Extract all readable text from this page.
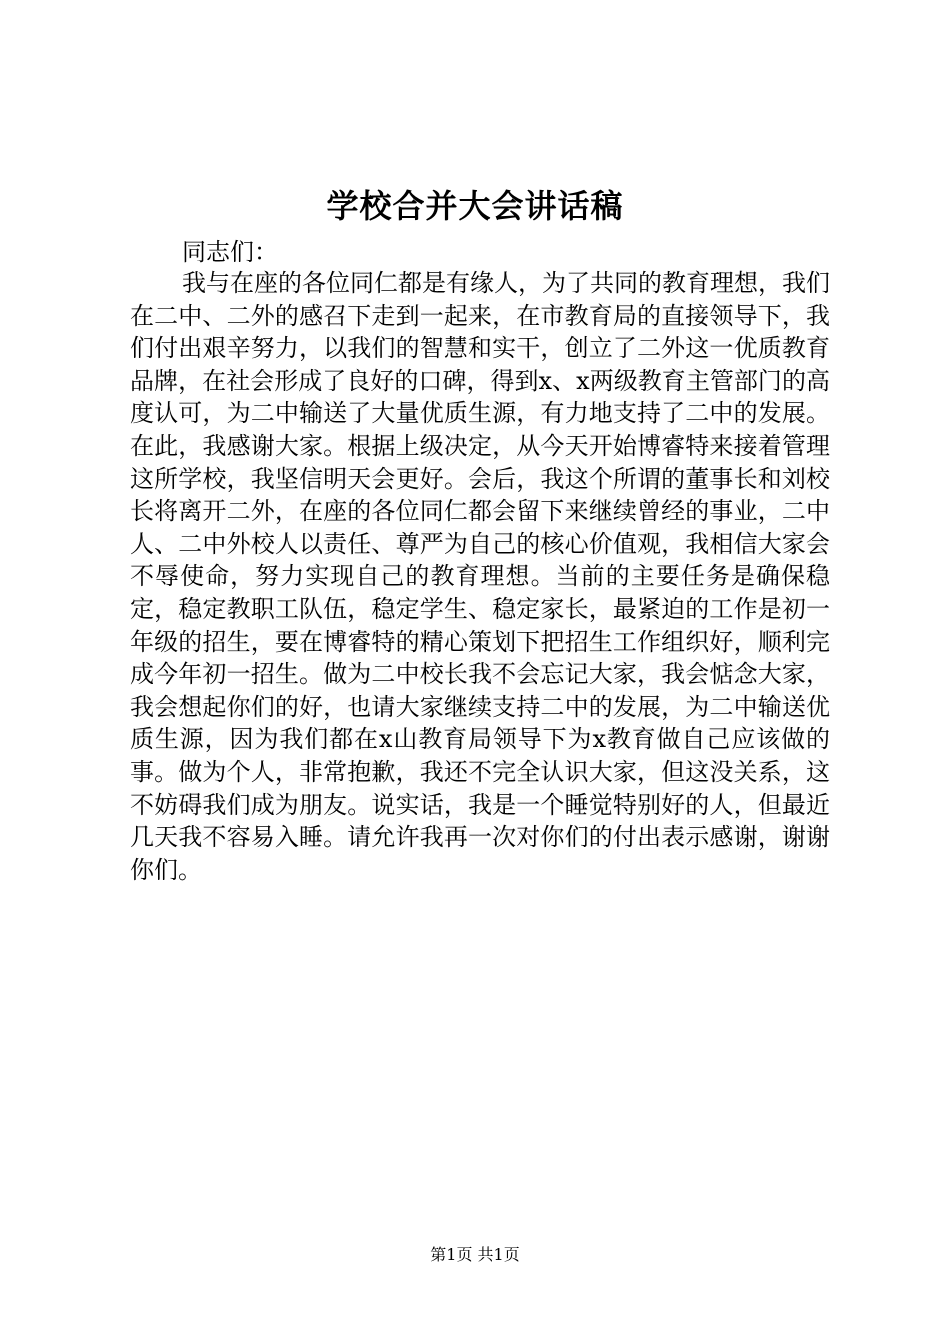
学校合并大会讲话稿
同志们：
我与在座的各位同仁都是有缘人，为了共同的教育理想，我们在二中、二外的感召下走到一起来，在市教育局的直接领导下，我们付出艰辛努力，以我们的智慧和实干，创立了二外这一优质教育品牌，在社会形成了良好的口碑，得到x、x两级教育主管部门的高度认可，为二中输送了大量优质生源，有力地支持了二中的发展。在此，我感谢大家。根据上级决定，从今天开始博睿特来接着管理这所学校，我坚信明天会更好。会后，我这个所谓的董事长和刘校长将离开二外，在座的各位同仁都会留下来继续曾经的事业，二中人、二中外校人以责任、尊严为自己的核心价值观，我相信大家会不辱使命，努力实现自己的教育理想。当前的主要任务是确保稳定，稳定教职工队伍，稳定学生、稳定家长，最紧迫的工作是初一年级的招生，要在博睿特的精心策划下把招生工作组织好，顺利完成今年初一招生。做为二中校长我不会忘记大家，我会惦念大家，我会想起你们的好，也请大家继续支持二中的发展，为二中输送优质生源，因为我们都在x山教育局领导下为x教育做自己应该做的事。做为个人，非常抱歉，我还不完全认识大家，但这没关系，这不妨碍我们成为朋友。说实话，我是一个睡觉特别好的人，但最近几天我不容易入睡。请允许我再一次对你们的付出表示感谢，谢谢你们。
第1页 共1页
